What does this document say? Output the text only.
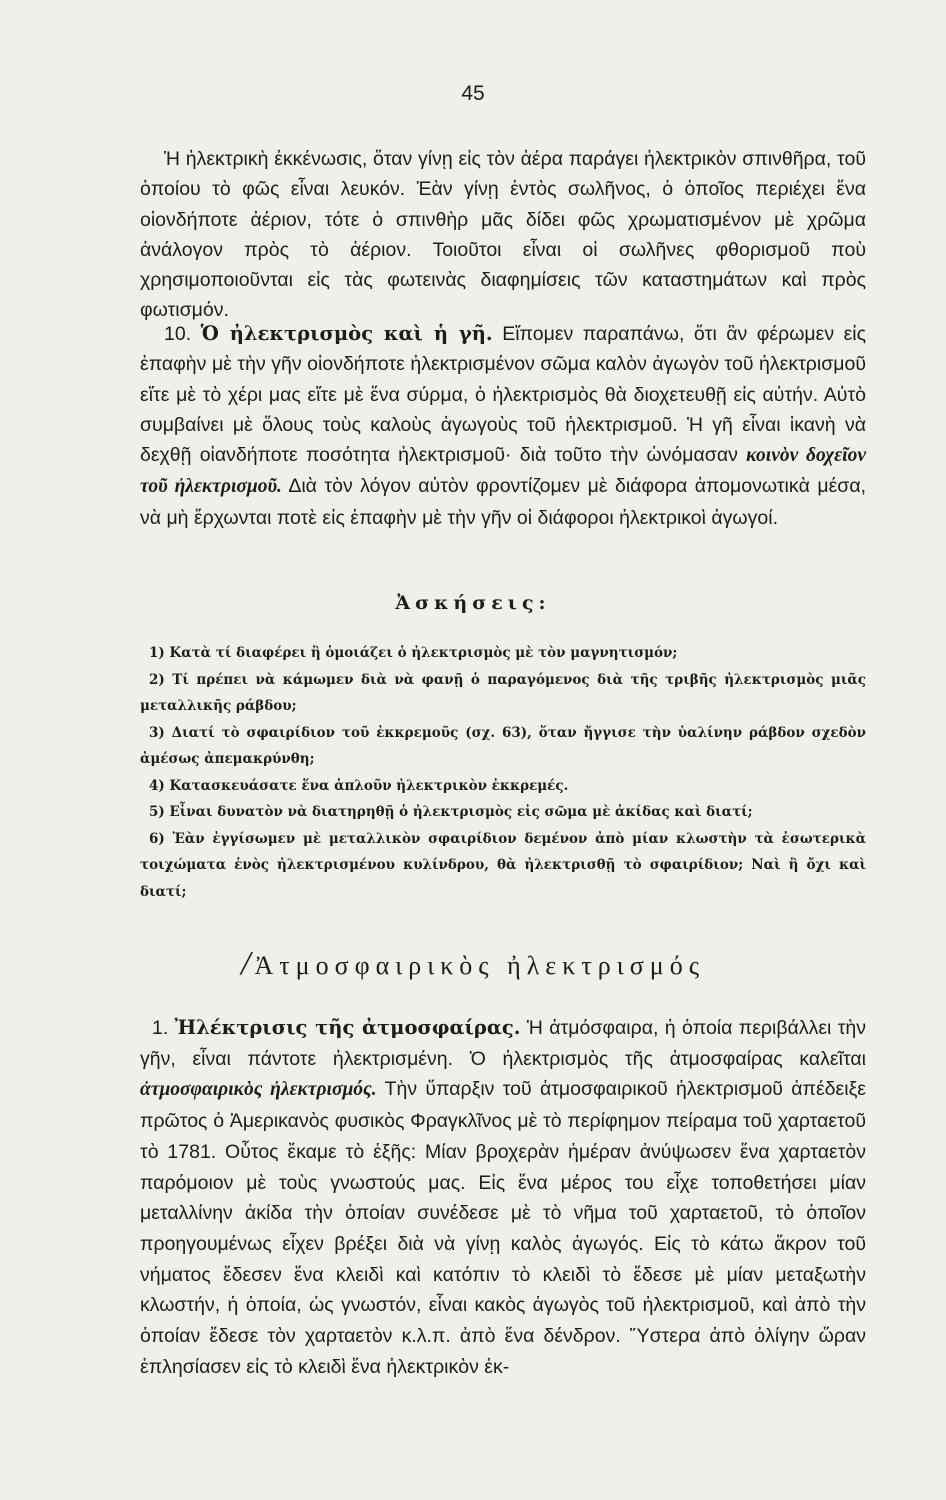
45

Ἡ ἠλεκτρικὴ ἐκκένωσις, ὅταν γίνῃ εἰς τὸν ἀέρα παράγει ἠλεκτρικὸν σπινθῆρα, τοῦ ὁποίου τὸ φῶς εἶναι λευκόν. Ἐὰν γίνῃ ἐντὸς σωλῆνος, ὁ ὁποῖος περιέχει ἕνα οἱονδήποτε ἀέριον, τότε ὁ σπινθὴρ μᾶς δίδει φῶς χρωματισμένον μὲ χρῶμα ἀνάλογον πρὸς τὸ ἀέριον. Τοιοῦτοι εἶναι οἱ σωλῆνες φθορισμοῦ ποὺ χρησιμοποιοῦνται εἰς τὰς φωτεινὰς διαφημίσεις τῶν καταστημάτων καὶ πρὸς φωτισμόν.

10. Ὁ ἠλεκτρισμὸς καὶ ἡ γῆ. Εἴπομεν παραπάνω, ὅτι ἂν φέρωμεν εἰς ἐπαφὴν μὲ τὴν γῆν οἱονδήποτε ἠλεκτρισμένον σῶμα καλὸν ἀγωγὸν τοῦ ἠλεκτρισμοῦ εἴτε μὲ τὸ χέρι μας εἴτε μὲ ἕνα σύρμα, ὁ ἠλεκτρισμὸς θὰ διοχετευθῇ εἰς αὐτήν. Αὐτὸ συμβαίνει μὲ ὅλους τοὺς καλοὺς ἀγωγοὺς τοῦ ἠλεκτρισμοῦ. Ἡ γῆ εἶναι ἱκανὴ νὰ δεχθῇ οἱανδήποτε ποσότητα ἠλεκτρισμοῦ· διὰ τοῦτο τὴν ὠνόμασαν κοινὸν δοχεῖον τοῦ ἠλεκτρισμοῦ. Διὰ τὸν λόγον αὐτὸν φροντίζομεν μὲ διάφορα ἀπομονωτικὰ μέσα, νὰ μὴ ἔρχωνται ποτὲ εἰς ἐπαφὴν μὲ τὴν γῆν οἱ διάφοροι ἠλεκτρικοὶ ἀγωγοί.

Ἀσκήσεις:
1) Κατὰ τί διαφέρει ἢ ὁμοιάζει ὁ ἠλεκτρισμὸς μὲ τὸν μαγνητισμόν;
2) Τί πρέπει νὰ κάμωμεν διὰ νὰ φανῇ ὁ παραγόμενος διὰ τῆς τριβῆς ἠλεκτρισμὸς μιᾶς μεταλλικῆς ράβδου;
3) Διατί τὸ σφαιρίδιον τοῦ ἐκκρεμοῦς (σχ. 63), ὅταν ἤγγισε τὴν ὑαλίνην ράβδον σχεδὸν ἀμέσως ἀπεμακρύνθη;
4) Κατασκευάσατε ἕνα ἁπλοῦν ἠλεκτρικὸν ἐκκρεμές.
5) Εἶναι δυνατὸν νὰ διατηρηθῇ ὁ ἠλεκτρισμὸς εἰς σῶμα μὲ ἀκίδας καὶ διατί;
6) Ἐὰν ἐγγίσωμεν μὲ μεταλλικὸν σφαιρίδιον δεμένον ἀπὸ μίαν κλωστὴν τὰ ἐσωτερικὰ τοιχώματα ἑνὸς ἠλεκτρισμένου κυλίνδρου, θὰ ἠλεκτρισθῇ τὸ σφαιρίδιον; Ναὶ ἢ ὄχι καὶ διατί;
/ Ἀτμοσφαιρικὸς ἠλεκτρισμός

1. Ἠλέκτρισις τῆς ἀτμοσφαίρας. Ἡ ἀτμόσφαιρα, ἡ ὁποία περιβάλλει τὴν γῆν, εἶναι πάντοτε ἠλεκτρισμένη. Ὁ ἠλεκτρισμὸς τῆς ἀτμοσφαίρας καλεῖται ἀτμοσφαιρικὸς ἠλεκτρισμός. Τὴν ὕπαρξιν τοῦ ἀτμοσφαιρικοῦ ἠλεκτρισμοῦ ἀπέδειξε πρῶτος ὁ Ἀμερικανὸς φυσικὸς Φραγκλῖνος μὲ τὸ περίφημον πείραμα τοῦ χαρταετοῦ τὸ 1781. Οὗτος ἔκαμε τὸ ἑξῆς: Μίαν βροχερὰν ἡμέραν ἀνύψωσεν ἕνα χαρταετὸν παρόμοιον μὲ τοὺς γνωστούς μας. Εἰς ἕνα μέρος του εἶχε τοποθετήσει μίαν μεταλλίνην ἀκίδα τὴν ὁποίαν συνέδεσε μὲ τὸ νῆμα τοῦ χαρταετοῦ, τὸ ὁποῖον προηγουμένως εἶχεν βρέξει διὰ νὰ γίνῃ καλὸς ἀγωγός. Εἰς τὸ κάτω ἄκρον τοῦ νήματος ἔδεσεν ἕνα κλειδὶ καὶ κατόπιν τὸ κλειδὶ τὸ ἔδεσε μὲ μίαν μεταξωτὴν κλωστήν, ἡ ὁποία, ὡς γνωστόν, εἶναι κακὸς ἀγωγὸς τοῦ ἠλεκτρισμοῦ, καὶ ἀπὸ τὴν ὁποίαν ἔδεσε τὸν χαρταετὸν κ.λ.π. ἀπὸ ἕνα δένδρον. Ὕστερα ἀπὸ ὀλίγην ὥραν ἐπλησίασεν εἰς τὸ κλειδὶ ἕνα ἠλεκτρικὸν ἐκ-
